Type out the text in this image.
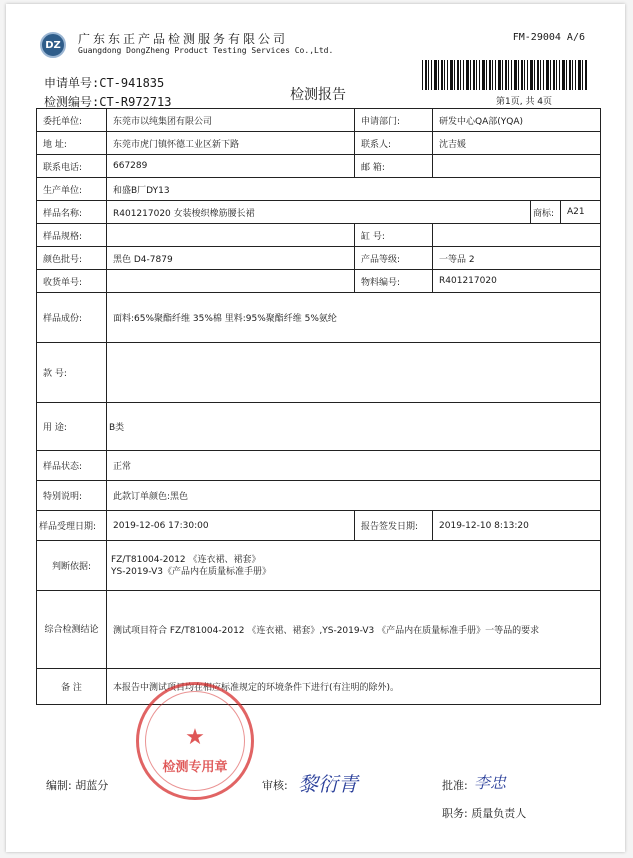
DZ	广东东正产品检测服务有限公司
Guangdong DongZheng Product Testing Services Co.,Ltd.
FM-29004 A/6
第1页, 共 4页
申请单号:CT-941835
检测编号:CT-R972713	检测报告
委托单位:	东莞市以纯集团有限公司	申请部门:	研发中心QA部(YQA)		
地 址:	东莞市虎门镇怀德工业区新下路	联系人:	沈吉媛		
联系电话:	667289	邮 箱:			
生产单位:	和盛B厂DY13				
样品名称:	R401217020 女装梭织橡筋腰长裙			商标:	A21
样品规格:		缸 号:			
颜色批号:	黑色 D4-7879	产品等级:	一等品 2		
收货单号:		物料编号:	R401217020		
样品成份:	面料:65%聚酯纤维 35%棉 里料:95%聚酯纤维 5%氨纶				
款 号:					
用 途:	B类				
样品状态:	正常				
特别说明:	此款订单颜色:黑色				
样品受理日期:	2019-12-06 17:30:00	报告签发日期:	2019-12-10 8:13:20		
判断依据:	FZ/T81004-2012 《连衣裙、裙套》
YS-2019-V3《产品内在质量标准手册》				

综合检测结论	测试项目符合 FZ/T81004-2012 《连衣裙、裙套》,YS-2019-V3 《产品内在质量标准手册》一等品的要求				
备 注	本报告中测试项目均在相应标准规定的环境条件下进行(有注明的除外)。				
★
检测专用章
编制: 胡蓝分	审核: 黎衍青	批准: 李忠
职务: 质量负责人
